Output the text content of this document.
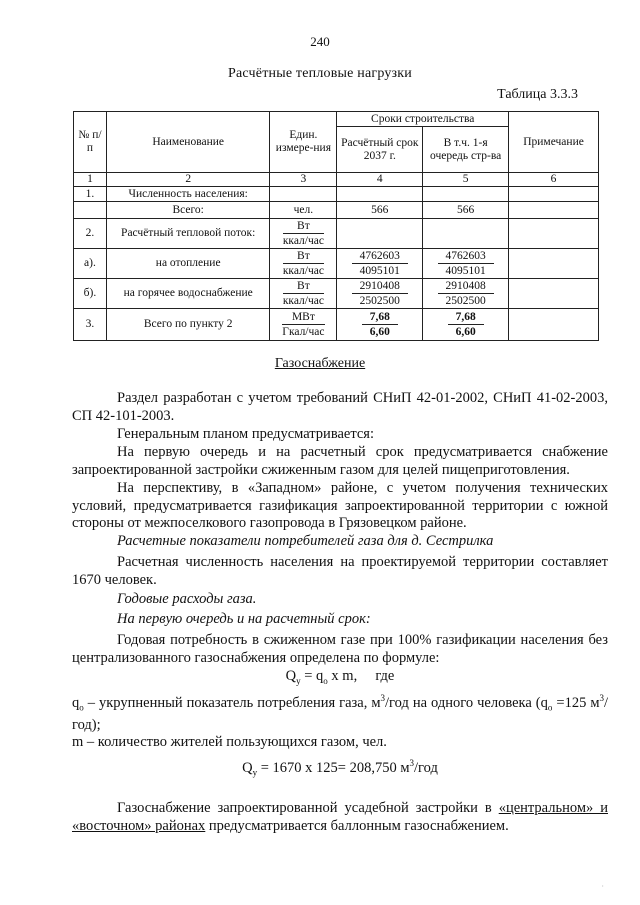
240
Расчётные тепловые нагрузки
Таблица 3.3.3
№ п/п	Наименование	Един. измере-ния	Сроки строительства		Примечание
			Расчётный срок 2037 г.	В т.ч. 1-я очередь стр-ва	
1	2	3	4	5	6
1.	Численность населения:				
	Всего:	чел.	566	566	
2.	Расчётный тепловой поток:	$\frac{Вт}{\text{ккал/час}}$			
а).	на отопление	$\frac{Вт}{\text{ккал/час}}$	$\frac{4762603}{4095101}$	$\frac{4762603}{4095101}$	
б).	на горячее водоснабжение	$\frac{Вт}{\text{ккал/час}}$	$\frac{2910408}{2502500}$	$\frac{2910408}{2502500}$	
3.	Всего по пункту 2	$\frac{\text{МВт}}{\text{Гкал/час}}$	$\frac{7,68}{6,60}$	$\frac{7,68}{6,60}$	
Газоснабжение
Раздел разработан с учетом требований СНиП 42-01-2002, СНиП 41-02-2003, СП 42-101-2003.
Генеральным планом предусматривается:
На первую очередь и на расчетный срок предусматривается снабжение запроектированной застройки сжиженным газом для целей пищеприготовления.
На перспективу, в «Западном» районе, с учетом получения технических условий, предусматривается газификация запроектированной территории с южной стороны от межпоселкового газопровода в Грязовецком районе.
Расчетные показатели потребителей газа для д. Сестрилка
Расчетная численность населения на проектируемой территории составляет 1670 человек.
Годовые расходы газа.
На первую очередь и на расчетный срок:
Годовая потребность в сжиженном газе при 100% газификации населения без централизованного газоснабжения определена по формуле:
$Q_у = q_о$ x m,     где
$q_о$ – укрупненный показатель потребления газа, $м^3$/год на одного человека ($q_о =125$ $м^3/год$);
m – количество жителей пользующихся газом, чел.
$Q_у = 1670$ x 125= 208,750 $м^3$/год
Газоснабжение запроектированной усадебной застройки в «центральном» и «восточном» районах предусматривается баллонным газоснабжением.
·
